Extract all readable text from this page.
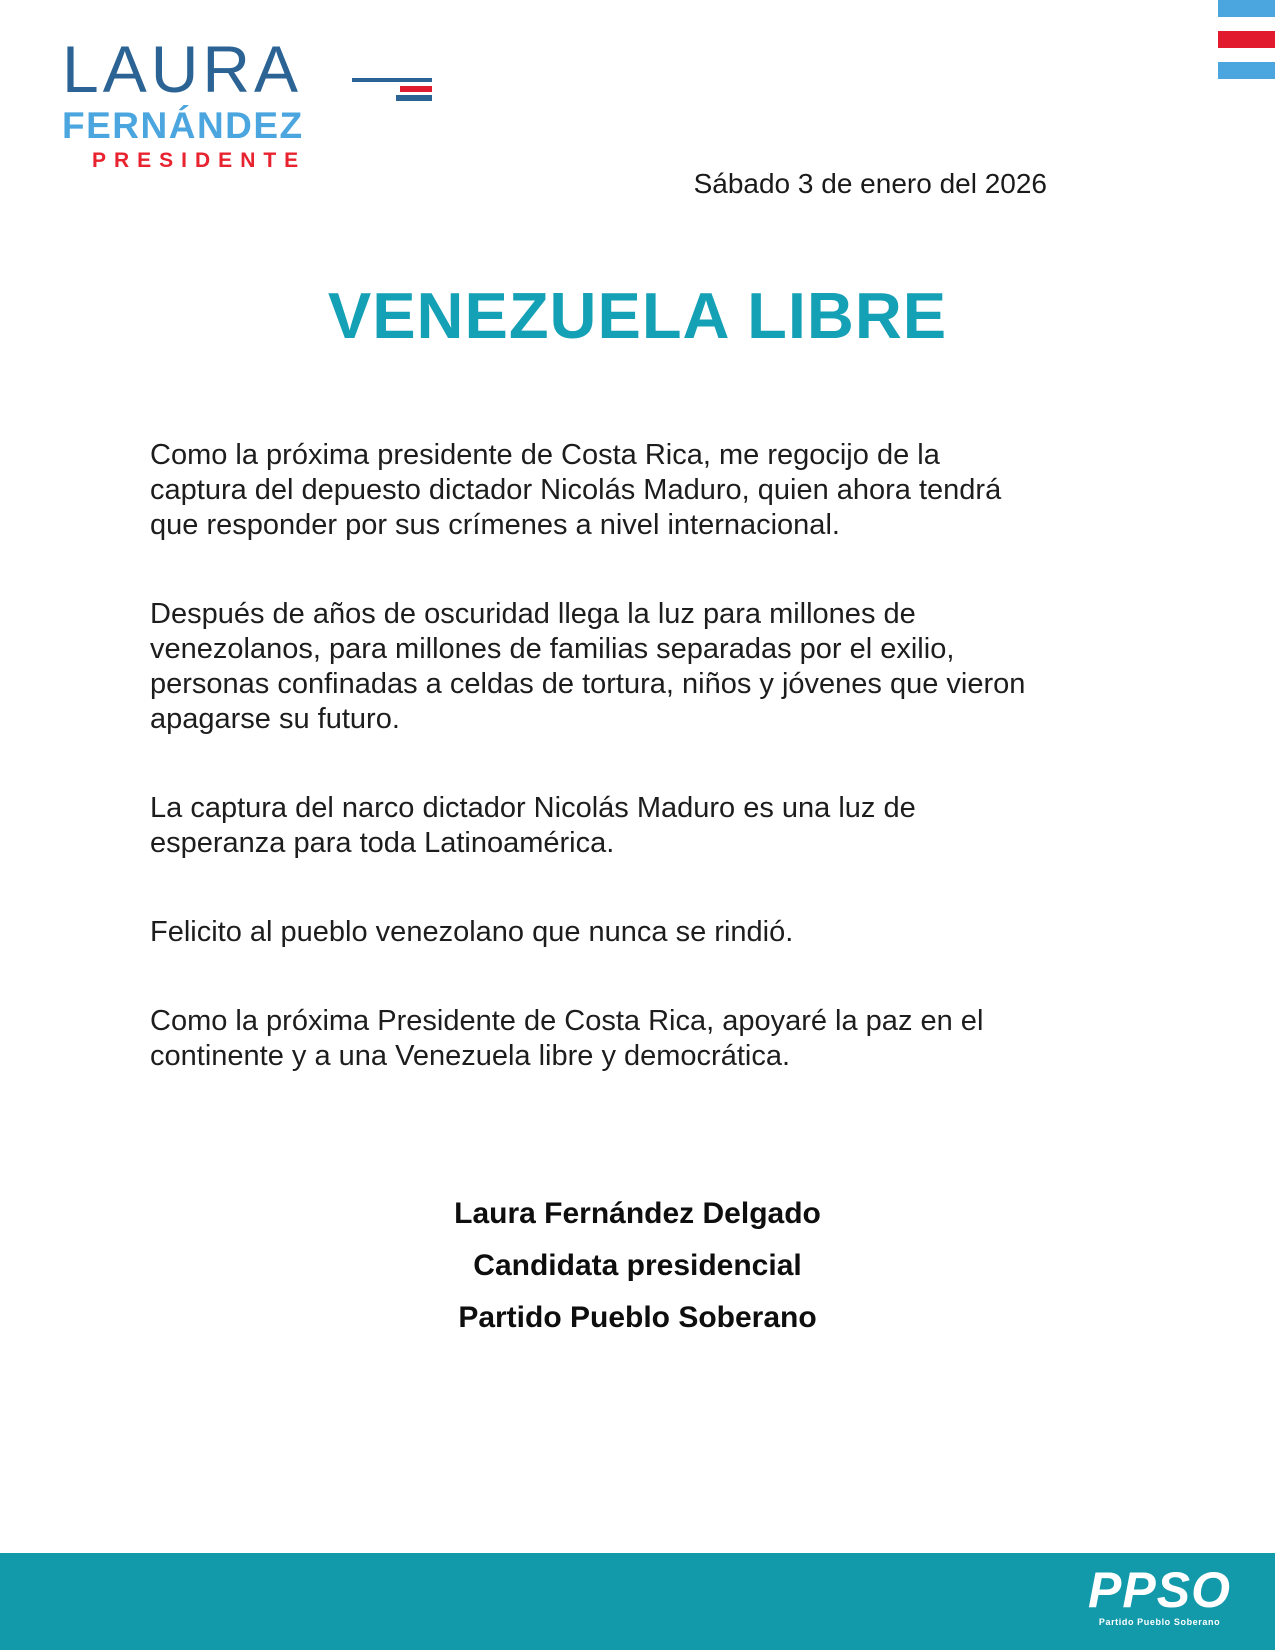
LAURA
FERNÁNDEZ
PRESIDENTE
Sábado 3 de enero del 2026
VENEZUELA LIBRE

Como la próxima presidente de Costa Rica, me regocijo de la captura del depuesto dictador Nicolás Maduro, quien ahora tendrá que responder por sus crímenes a nivel internacional.

Después de años de oscuridad llega la luz para millones de venezolanos, para millones de familias separadas por el exilio, personas confinadas a celdas de tortura, niños y jóvenes que vieron apagarse su futuro.

La captura del narco dictador Nicolás Maduro es una luz de esperanza para toda Latinoamérica.

Felicito al pueblo venezolano que nunca se rindió.

Como la próxima Presidente de Costa Rica, apoyaré la paz en el continente y a una Venezuela libre y democrática.

Laura Fernández Delgado
Candidata presidencial
Partido Pueblo Soberano
PPSO
Partido Pueblo Soberano
